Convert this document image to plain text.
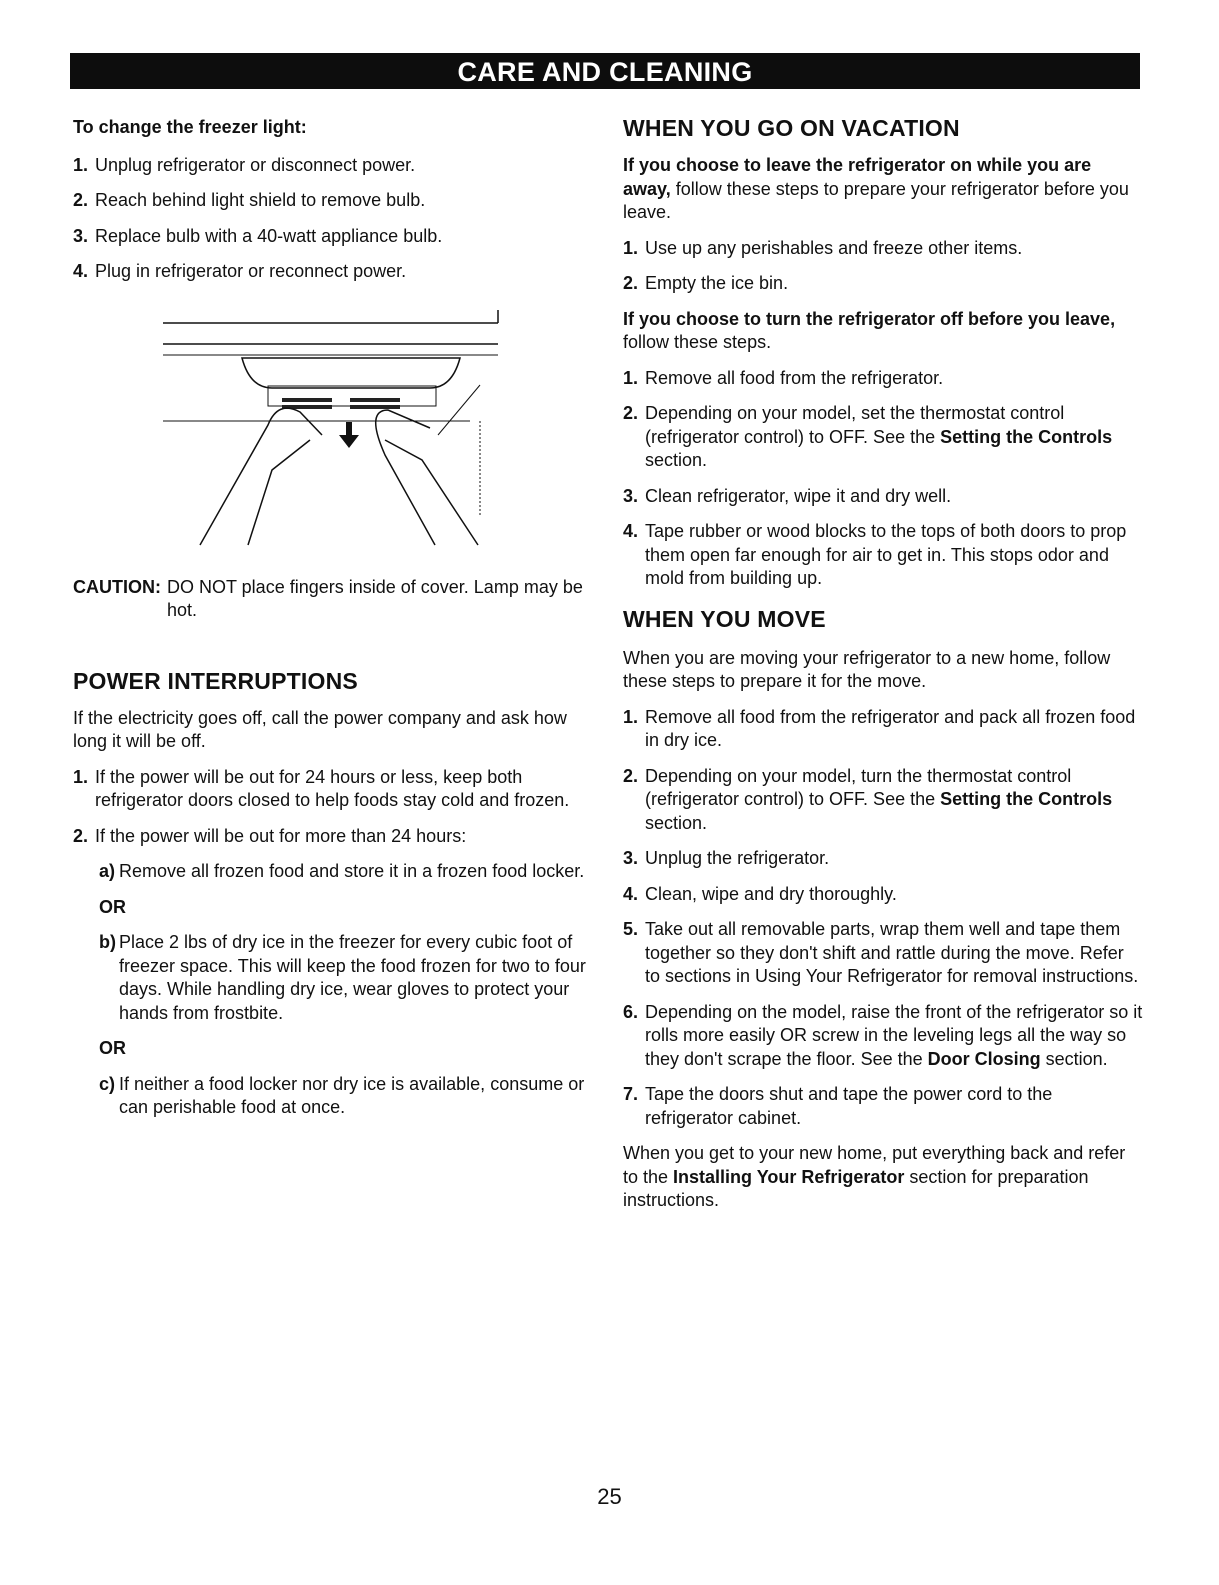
CARE AND CLEANING

To change the freezer light:

1. Unplug refrigerator or disconnect power.
2. Reach behind light shield to remove bulb.
3. Replace bulb with a 40-watt appliance bulb.
4. Plug in refrigerator or reconnect power.
CAUTION: DO NOT place fingers inside of cover. Lamp may be hot.
POWER INTERRUPTIONS

If the electricity goes off, call the power company and ask how long it will be off.

1. If the power will be out for 24 hours or less, keep both refrigerator doors closed to help foods stay cold and frozen.
2. If the power will be out for more than 24 hours:
a) Remove all frozen food and store it in a frozen food locker.

OR

b) Place 2 lbs of dry ice in the freezer for every cubic foot of freezer space. This will keep the food frozen for two to four days. While handling dry ice, wear gloves to protect your hands from frostbite.

OR

c) If neither a food locker nor dry ice is available, consume or can perishable food at once.
WHEN YOU GO ON VACATION

If you choose to leave the refrigerator on while you are away, follow these steps to prepare your refrigerator before you leave.

1. Use up any perishables and freeze other items.
2. Empty the ice bin.

If you choose to turn the refrigerator off before you leave, follow these steps.

1. Remove all food from the refrigerator.
2. Depending on your model, set the thermostat control (refrigerator control) to OFF. See the Setting the Controls section.
3. Clean refrigerator, wipe it and dry well.
4. Tape rubber or wood blocks to the tops of both doors to prop them open far enough for air to get in. This stops odor and mold from building up.
WHEN YOU MOVE

When you are moving your refrigerator to a new home, follow these steps to prepare it for the move.

1. Remove all food from the refrigerator and pack all frozen food in dry ice.
2. Depending on your model, turn the thermostat control (refrigerator control) to OFF. See the Setting the Controls section.
3. Unplug the refrigerator.
4. Clean, wipe and dry thoroughly.
5. Take out all removable parts, wrap them well and tape them together so they don't shift and rattle during the move. Refer to sections in Using Your Refrigerator for removal instructions.
6. Depending on the model, raise the front of the refrigerator so it rolls more easily OR screw in the leveling legs all the way so they don't scrape the floor. See the Door Closing section.
7. Tape the doors shut and tape the power cord to the refrigerator cabinet.

When you get to your new home, put everything back and refer to the Installing Your Refrigerator section for preparation instructions.

25
